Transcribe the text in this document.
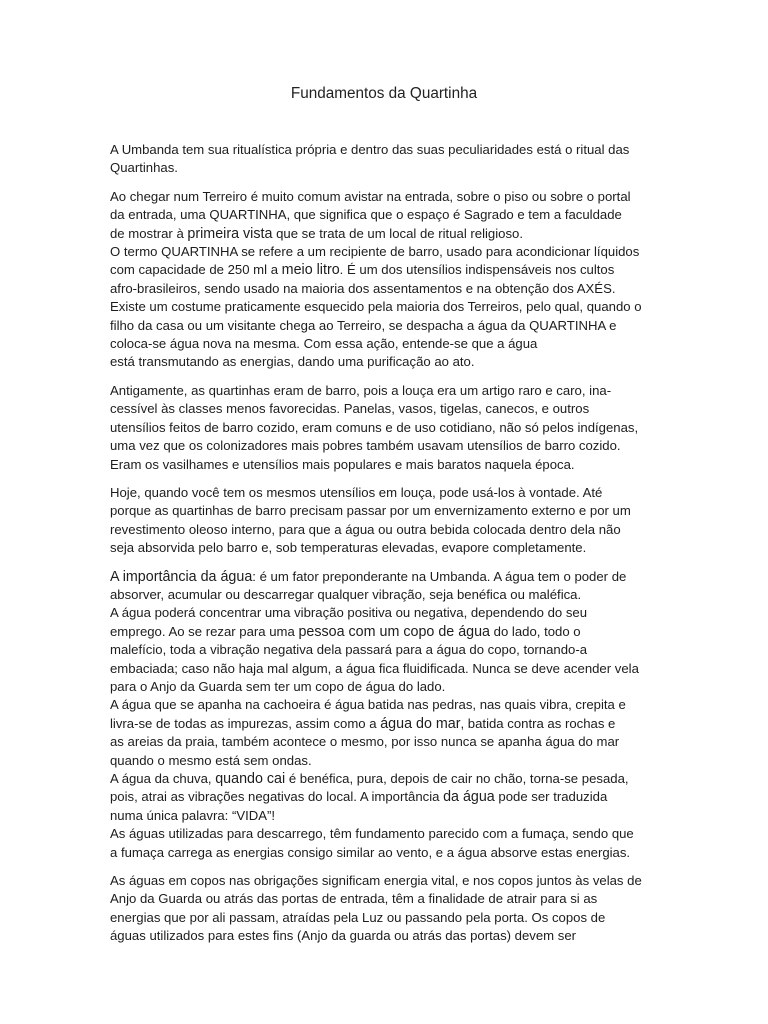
Fundamentos da Quartinha
A Umbanda tem sua ritualística própria e dentro das suas peculiaridades está o ritual das
Quartinhas.
Ao chegar num Terreiro é muito comum avistar na entrada, sobre o piso ou sobre o portal
da entrada, uma QUARTINHA, que significa que o espaço é Sagrado e tem a faculdade
de mostrar à primeira vista que se trata de um local de ritual religioso.
O termo QUARTINHA se refere a um recipiente de barro, usado para acondicionar líquidos
com capacidade de 250 ml a meio litro. É um dos utensílios indispensáveis nos cultos
afro-brasileiros, sendo usado na maioria dos assentamentos e na obtenção dos AXÉS.
Existe um costume praticamente esquecido pela maioria dos Terreiros, pelo qual, quando o
filho da casa ou um visitante chega ao Terreiro, se despacha a água da QUARTINHA e
coloca-se água nova na mesma. Com essa ação, entende-se que a água
está transmutando as energias, dando uma purificação ao ato.
Antigamente, as quartinhas eram de barro, pois a louça era um artigo raro e caro, ina-
cessível às classes menos favorecidas. Panelas, vasos, tigelas, canecos, e outros
utensílios feitos de barro cozido, eram comuns e de uso cotidiano, não só pelos indígenas,
uma vez que os colonizadores mais pobres também usavam utensílios de barro cozido.
Eram os vasilhames e utensílios mais populares e mais baratos naquela época.
Hoje, quando você tem os mesmos utensílios em louça, pode usá-los à vontade. Até
porque as quartinhas de barro precisam passar por um envernizamento externo e por um
revestimento oleoso interno, para que a água ou outra bebida colocada dentro dela não
seja absorvida pelo barro e, sob temperaturas elevadas, evapore completamente.
A importância da água: é um fator preponderante na Umbanda. A água tem o poder de
absorver, acumular ou descarregar qualquer vibração, seja benéfica ou maléfica.
A água poderá concentrar uma vibração positiva ou negativa, dependendo do seu
emprego. Ao se rezar para uma pessoa com um copo de água do lado, todo o
malefício, toda a vibração negativa dela passará para a água do copo, tornando-a
embaciada; caso não haja mal algum, a água fica fluidificada. Nunca se deve acender vela
para o Anjo da Guarda sem ter um copo de água do lado.
A água que se apanha na cachoeira é água batida nas pedras, nas quais vibra, crepita e
livra-se de todas as impurezas, assim como a água do mar, batida contra as rochas e
as areias da praia, também acontece o mesmo, por isso nunca se apanha água do mar
quando o mesmo está sem ondas.
A água da chuva, quando cai é benéfica, pura, depois de cair no chão, torna-se pesada,
pois, atrai as vibrações negativas do local. A importância da água pode ser traduzida
numa única palavra: “VIDA”!
As águas utilizadas para descarrego, têm fundamento parecido com a fumaça, sendo que
a fumaça carrega as energias consigo similar ao vento, e a água absorve estas energias.
As águas em copos nas obrigações significam energia vital, e nos copos juntos às velas de
Anjo da Guarda ou atrás das portas de entrada, têm a finalidade de atrair para si as
energias que por ali passam, atraídas pela Luz ou passando pela porta. Os copos de
águas utilizados para estes fins (Anjo da guarda ou atrás das portas) devem ser
